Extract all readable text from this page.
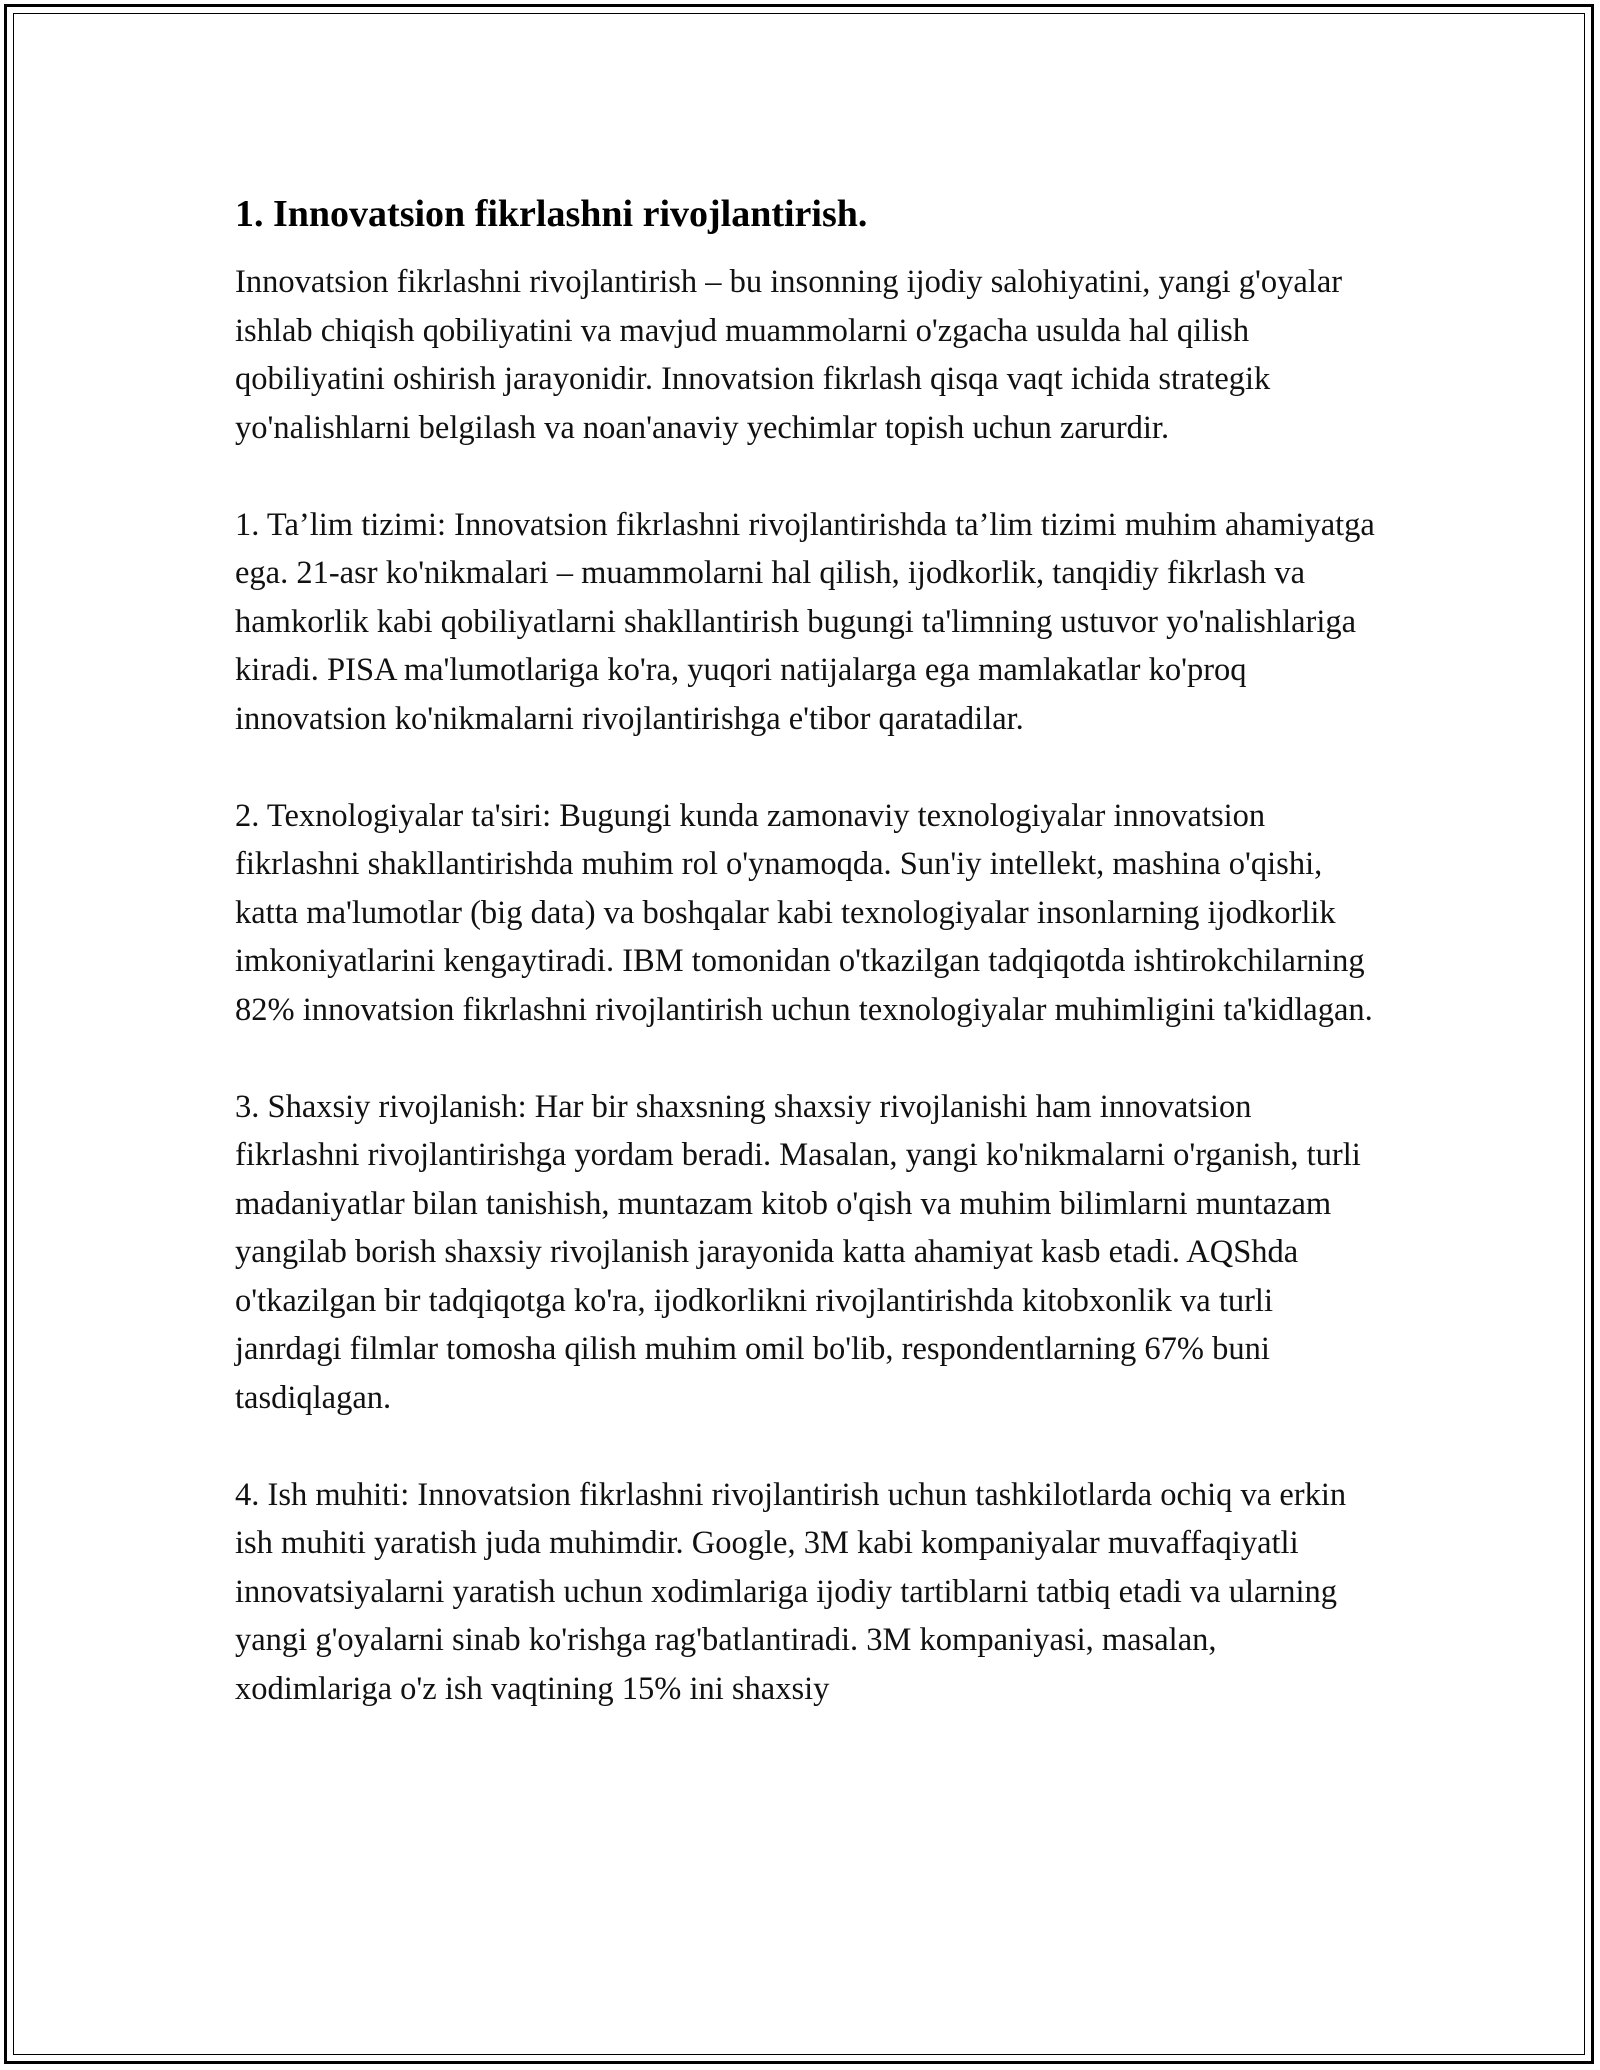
1. Innovatsion fikrlashni rivojlantirish.

Innovatsion fikrlashni rivojlantirish – bu insonning ijodiy salohiyatini, yangi g'oyalar ishlab chiqish qobiliyatini va mavjud muammolarni o'zgacha usulda hal qilish qobiliyatini oshirish jarayonidir. Innovatsion fikrlash qisqa vaqt ichida strategik yo'nalishlarni belgilash va noan'anaviy yechimlar topish uchun zarurdir.

1. Ta’lim tizimi: Innovatsion fikrlashni rivojlantirishda ta’lim tizimi muhim ahamiyatga ega. 21-asr ko'nikmalari – muammolarni hal qilish, ijodkorlik, tanqidiy fikrlash va hamkorlik kabi qobiliyatlarni shakllantirish bugungi ta'limning ustuvor yo'nalishlariga kiradi. PISA ma'lumotlariga ko'ra, yuqori natijalarga ega mamlakatlar ko'proq innovatsion ko'nikmalarni rivojlantirishga e'tibor qaratadilar.

2. Texnologiyalar ta'siri: Bugungi kunda zamonaviy texnologiyalar innovatsion fikrlashni shakllantirishda muhim rol o'ynamoqda. Sun'iy intellekt, mashina o'qishi, katta ma'lumotlar (big data) va boshqalar kabi texnologiyalar insonlarning ijodkorlik imkoniyatlarini kengaytiradi. IBM tomonidan o'tkazilgan tadqiqotda ishtirokchilarning 82% innovatsion fikrlashni rivojlantirish uchun texnologiyalar muhimligini ta'kidlagan.

3. Shaxsiy rivojlanish: Har bir shaxsning shaxsiy rivojlanishi ham innovatsion fikrlashni rivojlantirishga yordam beradi. Masalan, yangi ko'nikmalarni o'rganish, turli madaniyatlar bilan tanishish, muntazam kitob o'qish va muhim bilimlarni muntazam yangilab borish shaxsiy rivojlanish jarayonida katta ahamiyat kasb etadi. AQShda o'tkazilgan bir tadqiqotga ko'ra, ijodkorlikni rivojlantirishda kitobxonlik va turli janrdagi filmlar tomosha qilish muhim omil bo'lib, respondentlarning 67% buni tasdiqlagan.

4. Ish muhiti: Innovatsion fikrlashni rivojlantirish uchun tashkilotlarda ochiq va erkin ish muhiti yaratish juda muhimdir. Google, 3M kabi kompaniyalar muvaffaqiyatli innovatsiyalarni yaratish uchun xodimlariga ijodiy tartiblarni tatbiq etadi va ularning yangi g'oyalarni sinab ko'rishga rag'batlantiradi. 3M kompaniyasi, masalan, xodimlariga o'z ish vaqtining 15% ini shaxsiy
